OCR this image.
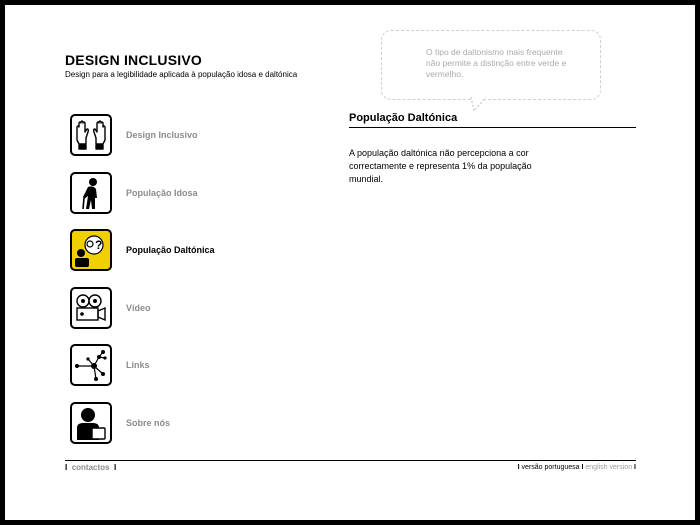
DESIGN INCLUSIVO
Design para a legibilidade aplicada à população idosa e daltónica
O tipo de daltonismo mais frequente não permite a distinção entre verde e vermelho.
Design Inclusivo
População Idosa
?	População Daltónica
Vídeo
Links
Sobre nós
População Daltónica
A população daltónica não percepciona a cor correctamente e representa 1% da população mundial.
I contactos I	I versão portuguesa I english version I
